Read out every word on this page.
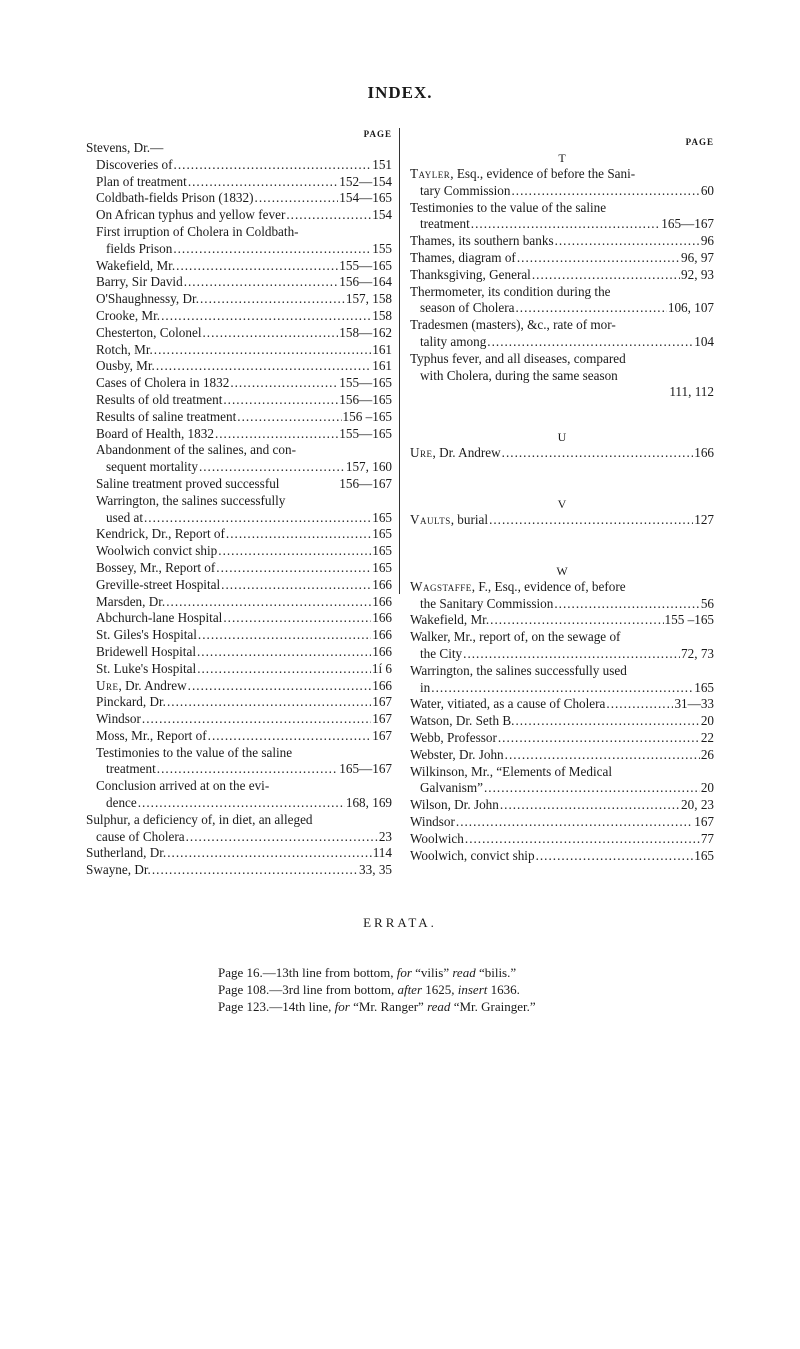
INDEX.
PAGE
Stevens, Dr.—
Discoveries of .....	151
Plan of treatment .....	152—154
Coldbath-fields Prison (1832) .....	154—165
On African typhus and yellow fever .....	154
First irruption of Cholera in Coldbath-
fields Prison .....	155
Wakefield, Mr. .....	155—165
Barry, Sir David .....	156—164
O'Shaughnessy, Dr. .....	157, 158
Crooke, Mr. .....	158
Chesterton, Colonel .....	158—162
Rotch, Mr. .....	161
Ousby, Mr. .....	161
Cases of Cholera in 1832 .....	155—165
Results of old treatment .....	156—165
Results of saline treatment .....	156 –165
Board of Health, 1832 .....	155—165
Abandonment of the salines, and con-
sequent mortality .....	157, 160
Saline treatment proved successful	156—167
Warrington, the salines successfully
used at .....	165
Kendrick, Dr., Report of .....	165
Woolwich convict ship .....	165
Bossey, Mr., Report of .....	165
Greville-street Hospital .....	166
Marsden, Dr. .....	166
Abchurch-lane Hospital .....	166
St. Giles's Hospital .....	166
Bridewell Hospital .....	166
St. Luke's Hospital .....	1í 6
Ure, Dr. Andrew .....	166
Pinckard, Dr. .....	167
Windsor .....	167
Moss, Mr., Report of .....	167
Testimonies to the value of the saline
treatment .....	165—167
Conclusion arrived at on the evi-
dence .....	168, 169
Sulphur, a deficiency of, in diet, an alleged
cause of Cholera .....	23
Sutherland, Dr. .....	114
Swayne, Dr. .....	33, 35
PAGE
T
Tayler, Esq., evidence of before the Sani-
tary Commission .....	60
Testimonies to the value of the saline
treatment .....	165—167
Thames, its southern banks .....	96
Thames, diagram of .....	96, 97
Thanksgiving, General .....	92, 93
Thermometer, its condition during the
season of Cholera .....	106, 107
Tradesmen (masters), &c., rate of mor-
tality among .....	104
Typhus fever, and all diseases, compared
with Cholera, during the same season
111, 112
U
Ure, Dr. Andrew .....	166
V
Vaults, burial .....	127
W
Wagstaffe, F., Esq., evidence of, before
the Sanitary Commission .....	56
Wakefield, Mr. .....	155 –165
Walker, Mr., report of, on the sewage of
the City .....	72, 73
Warrington, the salines successfully used
in .....	165
Water, vitiated, as a cause of Cholera .....	31—33
Watson, Dr. Seth B. .....	20
Webb, Professor .....	22
Webster, Dr. John .....	26
Wilkinson, Mr., “Elements of Medical
Galvanism” .....	20
Wilson, Dr. John .....	20, 23
Windsor .....	167
Woolwich .....	77
Woolwich, convict ship .....	165
ERRATA.
Page 16.—13th line from bottom, for “vilis” read “bilis.”
Page 108.—3rd line from bottom, after 1625, insert 1636.
Page 123.—14th line, for “Mr. Ranger” read “Mr. Grainger.”
